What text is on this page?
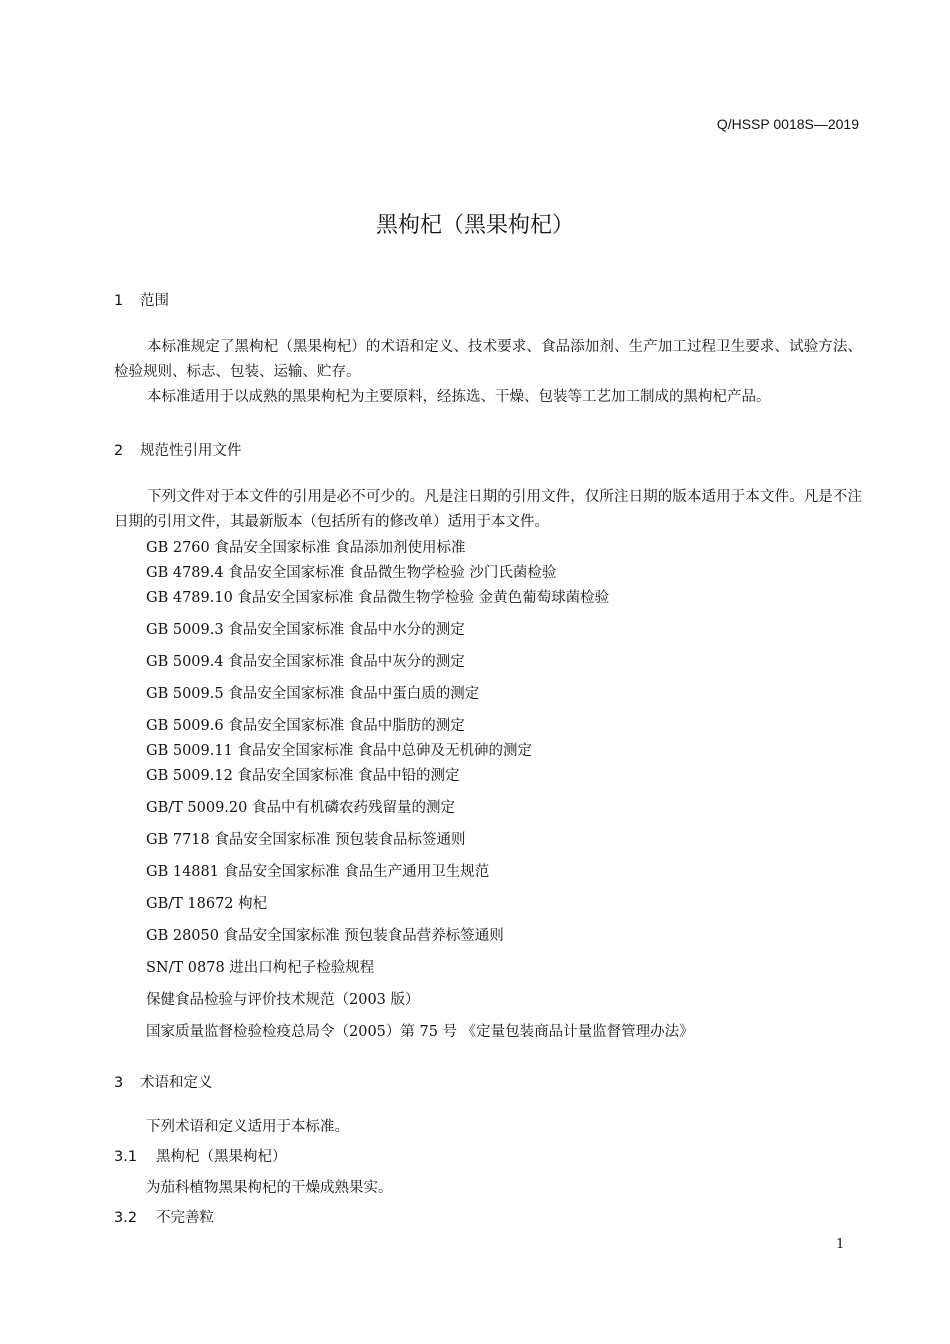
Q/HSSP 0018S—2019
黑枸杞（黑果枸杞）
1 范围
本标准规定了黑枸杞（黑果枸杞）的术语和定义、技术要求、食品添加剂、生产加工过程卫生要求、试验方法、检验规则、标志、包装、运输、贮存。
本标准适用于以成熟的黑果枸杞为主要原料，经拣选、干燥、包装等工艺加工制成的黑枸杞产品。
2 规范性引用文件
下列文件对于本文件的引用是必不可少的。凡是注日期的引用文件，仅所注日期的版本适用于本文件。凡是不注日期的引用文件，其最新版本（包括所有的修改单）适用于本文件。
GB 2760 食品安全国家标准 食品添加剂使用标准
GB 4789.4 食品安全国家标准 食品微生物学检验 沙门氏菌检验
GB 4789.10 食品安全国家标准 食品微生物学检验 金黄色葡萄球菌检验
GB 5009.3 食品安全国家标准 食品中水分的测定
GB 5009.4 食品安全国家标准 食品中灰分的测定
GB 5009.5 食品安全国家标准 食品中蛋白质的测定
GB 5009.6 食品安全国家标准 食品中脂肪的测定
GB 5009.11 食品安全国家标准 食品中总砷及无机砷的测定
GB 5009.12 食品安全国家标准 食品中铅的测定
GB/T 5009.20 食品中有机磷农药残留量的测定
GB 7718 食品安全国家标准 预包装食品标签通则
GB 14881 食品安全国家标准 食品生产通用卫生规范
GB/T 18672 枸杞
GB 28050 食品安全国家标准 预包装食品营养标签通则
SN/T 0878 进出口枸杞子检验规程
保健食品检验与评价技术规范（2003 版）
国家质量监督检验检疫总局令（2005）第 75 号 《定量包装商品计量监督管理办法》
3 术语和定义
下列术语和定义适用于本标准。
3.1 黑枸杞（黑果枸杞）
为茄科植物黑果枸杞的干燥成熟果实。
3.2 不完善粒
1
